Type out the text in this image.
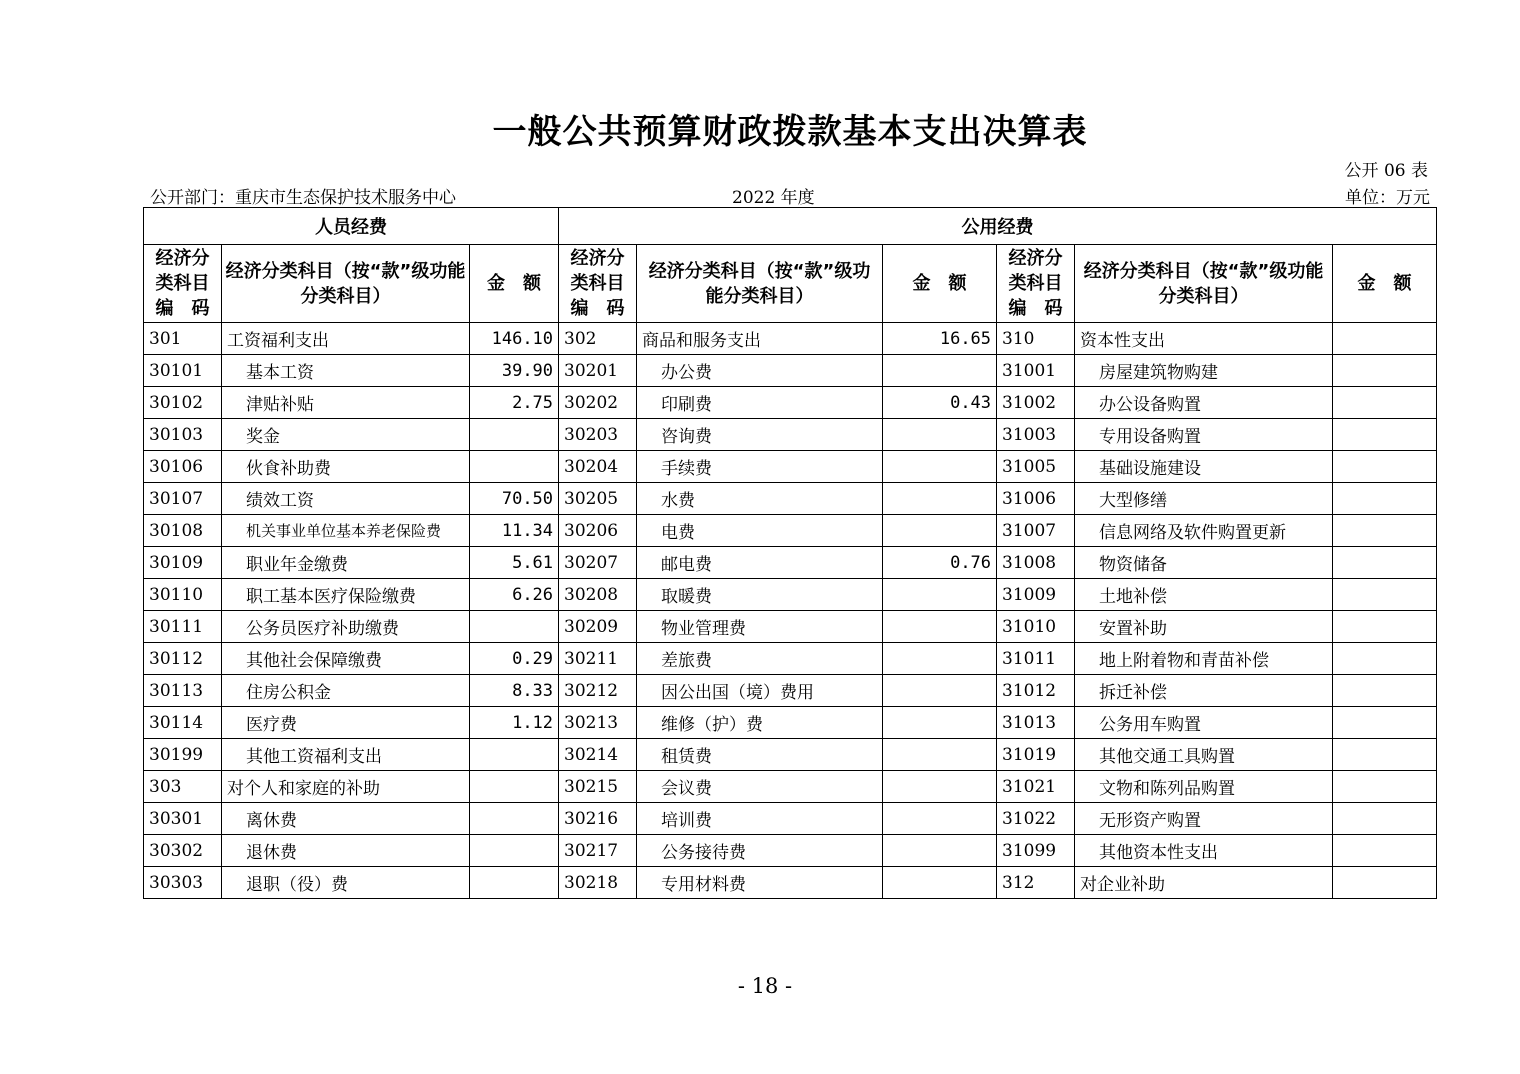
一般公共预算财政拨款基本支出决算表
公开 06 表
公开部门：重庆市生态保护技术服务中心	2022 年度	单位：万元
人员经费			公用经费					
经济分类科目编　码	经济分类科目（按“款”级功能分类科目）	金　额	经济分类科目编　码	经济分类科目（按“款”级功能分类科目）	金　额	经济分类科目编　码	经济分类科目（按“款”级功能分类科目）	金　额
301	工资福利支出	146.10	302	商品和服务支出	16.65	310	资本性支出	
30101	基本工资	39.90	30201	办公费		31001	房屋建筑物购建	
30102	津贴补贴	2.75	30202	印刷费	0.43	31002	办公设备购置	
30103	奖金		30203	咨询费		31003	专用设备购置	
30106	伙食补助费		30204	手续费		31005	基础设施建设	
30107	绩效工资	70.50	30205	水费		31006	大型修缮	
30108	机关事业单位基本养老保险费	11.34	30206	电费		31007	信息网络及软件购置更新	
30109	职业年金缴费	5.61	30207	邮电费	0.76	31008	物资储备	
30110	职工基本医疗保险缴费	6.26	30208	取暖费		31009	土地补偿	
30111	公务员医疗补助缴费		30209	物业管理费		31010	安置补助	
30112	其他社会保障缴费	0.29	30211	差旅费		31011	地上附着物和青苗补偿	
30113	住房公积金	8.33	30212	因公出国（境）费用		31012	拆迁补偿	
30114	医疗费	1.12	30213	维修（护）费		31013	公务用车购置	
30199	其他工资福利支出		30214	租赁费		31019	其他交通工具购置	
303	对个人和家庭的补助		30215	会议费		31021	文物和陈列品购置	
30301	离休费		30216	培训费		31022	无形资产购置	
30302	退休费		30217	公务接待费		31099	其他资本性支出	
30303	退职（役）费		30218	专用材料费		312	对企业补助	
- 18 -
